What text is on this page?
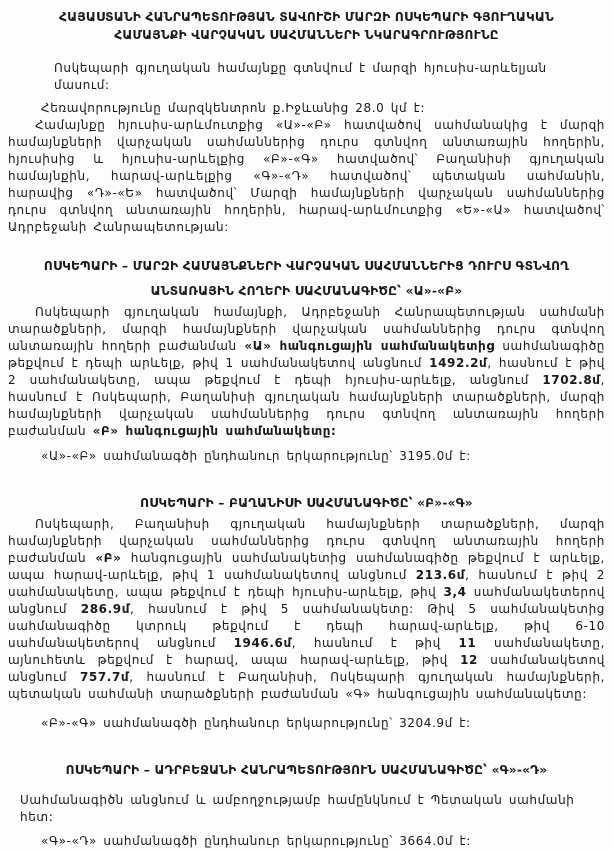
ՀԱՅԱՍՏԱՆԻ ՀԱՆՐԱՊԵՏՈՒԹՅԱՆ ՏԱՎՈՒՇԻ ՄԱՐԶԻ ՈՍԿԵՊԱՐԻ ԳՅՈՒՂԱԿԱՆ
ՀԱՄԱՅՆՔԻ ՎԱՐՉԱԿԱՆ ՍԱՀՄԱՆՆԵՐԻ ՆԿԱՐԱԳՐՈՒԹՅՈՒՆԸ
Ոսկեպարի գյուղական համայնքը գտնվում է մարզի հյուսիս-արևելյան մասում:
Հեռավորությունը մարզկենտրոն ք.Իջևանից 28.0 կմ է:

Համայնքը հյուսիս-արևմուտքից «Ա»-«Բ» հատվածով սահմանակից է մարզի համայնքների վարչական սահմաններից դուրս գտնվող անտառային հողերին, հյուսիսից և հյուսիս-արևելքից «Բ»-«Գ» հատվածով՝ Բաղանիսի գյուղական համայնքին, հարավ-արևելքից «Գ»-«Դ» հատվածով՝ պետական սահմանին, հարավից «Դ»-«Ե» հատվածով՝ Մարզի համայնքների վարչական սահմաններից դուրս գտնվող անտառային հողերին, հարավ-արևմուտքից «Ե»-«Ա» հատվածով՝ Ադրբեջանի Հանրապետության:

ՈՍԿԵՊԱՐԻ – ՄԱՐԶԻ ՀԱՄԱՅՆՔՆԵՐԻ ՎԱՐՉԱԿԱՆ ՍԱՀՄԱՆՆԵՐԻՑ ԴՈՒՐՍ ԳՏՆՎՈՂ
ԱՆՏԱՌԱՅԻՆ ՀՈՂԵՐԻ ՍԱՀՄԱՆԱԳԻԾԸ՝ «Ա»-«Բ»

Ոսկեպարի գյուղական համայնքի, Ադրբեջանի Հանրապետության սահմանի տարածքների, մարզի համայնքների վարչական սահմաններից դուրս գտնվող անտառային հողերի բաժանման «Ա» հանգուցային սահմանակետից սահմանագիծը թեքվում է դեպի արևելք, թիվ 1 սահմանակետով անցնում 1492.2մ, հասնում է թիվ 2 սահմանակետը, ապա թեքվում է դեպի հյուսիս-արևելք, անցնում 1702.8մ, հասնում է Ոսկեպարի, Բաղանիսի գյուղական համայնքների տարածքների, մարզի համայնքների վարչական սահմաններից դուրս գտնվող անտառային հողերի բաժանման «Բ» հանգուցային սահմանակետը:

«Ա»-«Բ» սահմանագծի ընդհանուր երկարությունը՝ 3195.0մ է:
ՈՍԿԵՊԱՐԻ – ԲԱՂԱՆԻՍԻ ՍԱՀՄԱՆԱԳԻԾԸ՝ «Բ»-«Գ»

Ոսկեպարի, Բաղանիսի գյուղական համայնքների տարածքների, մարզի համայնքների վարչական սահմաններից դուրս գտնվող անտառային հողերի բաժանման «Բ» հանգուցային սահմանակետից սահմանագիծը թեքվում է արևելք, ապա հարավ-արևելք, թիվ 1 սահմանակետով անցնում 213.6մ, հասնում է թիվ 2 սահմանակետը, ապա թեքվում է դեպի հյուսիս-արևելք, թիվ 3,4 սահմանակետերով անցնում 286.9մ, հասնում է թիվ 5 սահմանակետը: Թիվ 5 սահմանակետից սահմանագիծը կտրուկ թեքվում է դեպի հարավ-արևելք, թիվ 6-10 սահմանակետերով անցնում 1946.6մ, հասնում է թիվ 11 սահմանակետը, այնուհետև թեքվում է հարավ, ապա հարավ-արևելք, թիվ 12 սահմանակետով անցնում 757.7մ, հասնում է Բաղանիսի, Ոսկեպարի գյուղական համայնքների, պետական սահմանի տարածքների բաժանման «Գ» հանգուցային սահմանակետը:

«Բ»-«Գ» սահմանագծի ընդհանուր երկարությունը՝ 3204.9մ է:
ՈՍԿԵՊԱՐԻ – ԱԴՐԲԵՋԱՆԻ ՀԱՆՐԱՊԵՏՈՒԹՅՈՒՆ ՍԱՀՄԱՆԱԳԻԾԸ՝ «Գ»-«Դ»
Սահմանագիծն անցնում և ամբողջությամբ համընկնում է Պետական սահմանի հետ:
«Գ»-«Դ» սահմանագծի ընդհանուր երկարությունը՝ 3664.0մ է:
